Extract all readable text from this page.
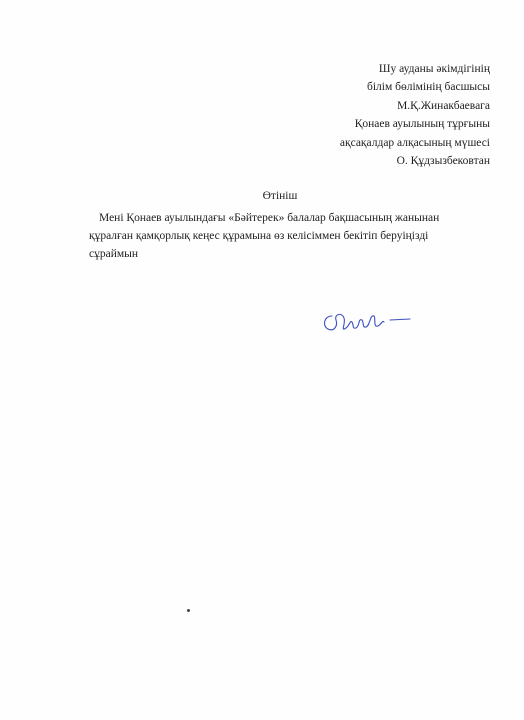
Шу ауданы әкімдігінің
білім бөлімінің басшысы
М.Қ.Жинакбаевага
Қонаев ауылының тұрғыны
ақсақалдар алқасының мүшесі
О. Құдзызбековтан
Өтініш
Мені Қонаев ауылындағы «Бәйтерек» балалар бақшасының жанынан
құралған қамқорлық кеңес құрамына өз келісіммен бекітіп беруіңізді
сұраймын
